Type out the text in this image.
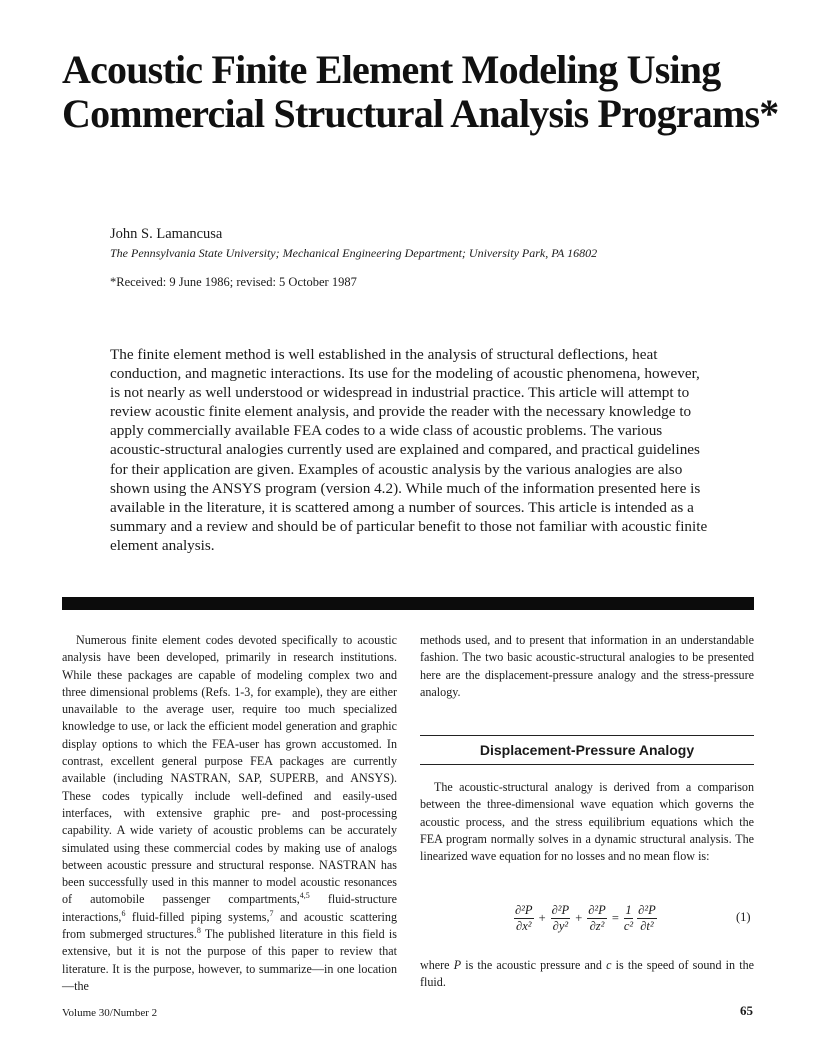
Acoustic Finite Element Modeling Using Commercial Structural Analysis Programs*
John S. Lamancusa
The Pennsylvania State University; Mechanical Engineering Department; University Park, PA 16802
*Received: 9 June 1986; revised: 5 October 1987

The finite element method is well established in the analysis of structural deflections, heat conduction, and magnetic interactions. Its use for the modeling of acoustic phenomena, however, is not nearly as well understood or widespread in industrial practice. This article will attempt to review acoustic finite element analysis, and provide the reader with the necessary knowledge to apply commercially available FEA codes to a wide class of acoustic problems. The various acoustic-structural analogies currently used are explained and compared, and practical guidelines for their application are given. Examples of acoustic analysis by the various analogies are also shown using the ANSYS program (version 4.2). While much of the information presented here is available in the literature, it is scattered among a number of sources. This article is intended as a summary and a review and should be of particular benefit to those not familiar with acoustic finite element analysis.

Numerous finite element codes devoted specifically to acoustic analysis have been developed, primarily in research institutions. While these packages are capable of modeling complex two and three dimensional problems (Refs. 1-3, for example), they are either unavailable to the average user, require too much specialized knowledge to use, or lack the efficient model generation and graphic display options to which the FEA-user has grown accustomed. In contrast, excellent general purpose FEA packages are currently available (including NASTRAN, SAP, SUPERB, and ANSYS). These codes typically include well-defined and easily-used interfaces, with extensive graphic pre- and post-processing capability. A wide variety of acoustic problems can be accurately simulated using these commercial codes by making use of analogs between acoustic pressure and structural response. NASTRAN has been successfully used in this manner to model acoustic resonances of automobile passenger compartments,$^{4,5}$ fluid-structure interactions,$^6$ fluid-filled piping systems,$^7$ and acoustic scattering from submerged structures.$^8$ The published literature in this field is extensive, but it is not the purpose of this paper to review that literature. It is the purpose, however, to summarize—in one location—the

methods used, and to present that information in an understandable fashion. The two basic acoustic-structural analogies to be presented here are the displacement-pressure analogy and the stress-pressure analogy.

Displacement-Pressure Analogy

The acoustic-structural analogy is derived from a comparison between the three-dimensional wave equation which governs the acoustic process, and the stress equilibrium equations which the FEA program normally solves in a dynamic structural analysis. The linearized wave equation for no losses and no mean flow is:

$\frac{\text{∂²P}}{\text{∂x²}} + \frac{\text{∂²P}}{\text{∂y²}} + \frac{\text{∂²P}}{\text{∂z²}} = \frac{1}{\text{c²}} \frac{\text{∂²P}}{\text{∂t²}}$	(1)

where P is the acoustic pressure and c is the speed of sound in the fluid.

Volume 30/Number 2	65
